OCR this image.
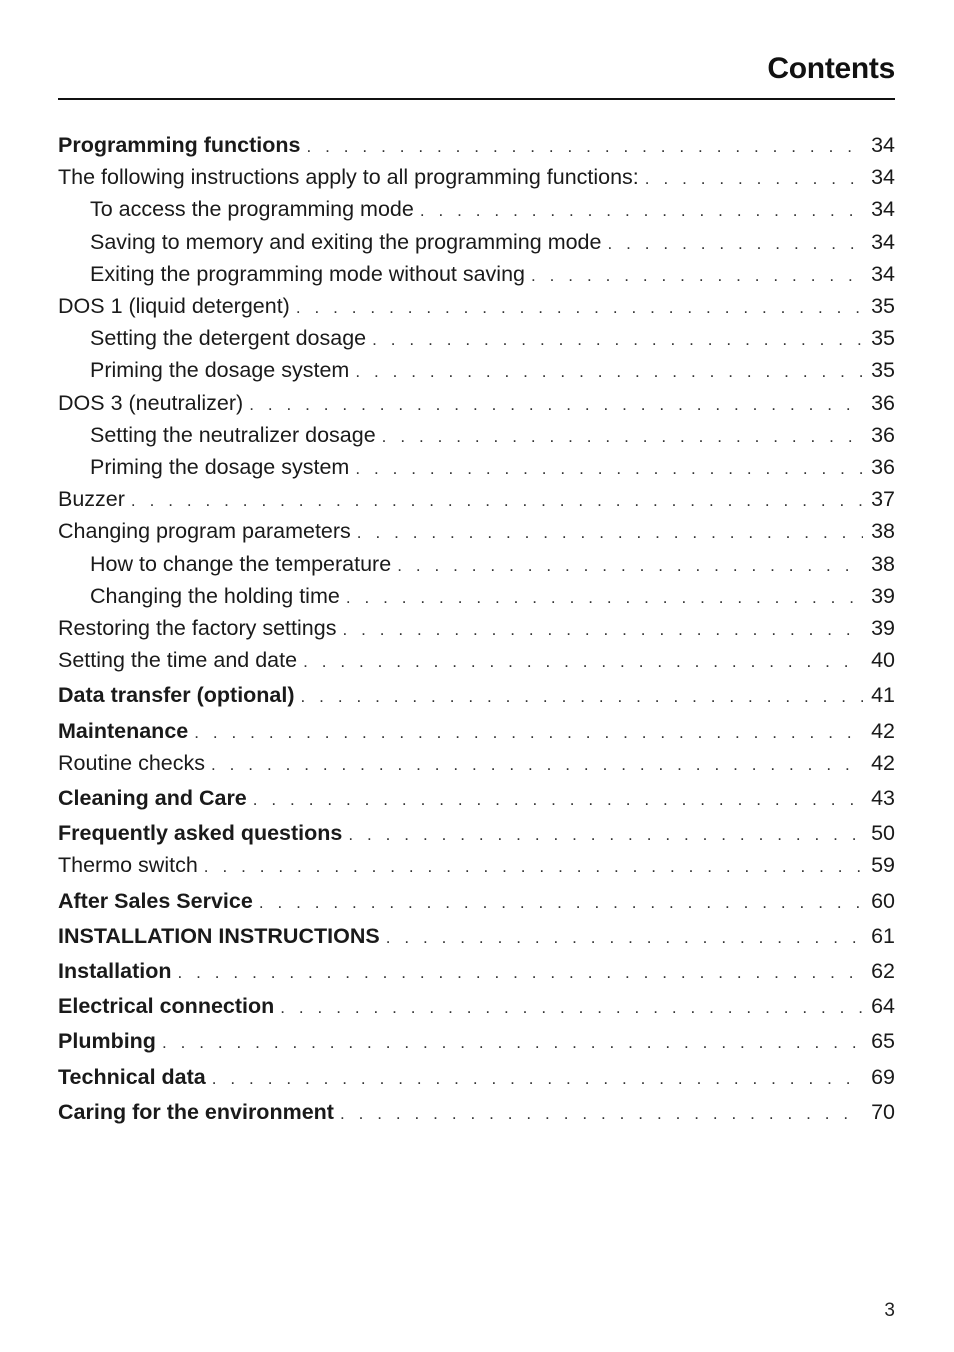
Contents
Programming functions . . .	34
The following instructions apply to all programming functions: . . .	34
To access the programming mode . . .	34
Saving to memory and exiting the programming mode . . .	34
Exiting the programming mode without saving . . .	34
DOS 1 (liquid detergent) . . .	35
Setting the detergent dosage . . .	35
Priming the dosage system . . .	35
DOS 3 (neutralizer) . . .	36
Setting the neutralizer dosage . . .	36
Priming the dosage system . . .	36
Buzzer . . .	37
Changing program parameters . . .	38
How to change the temperature . . .	38
Changing the holding time . . .	39
Restoring the factory settings . . .	39
Setting the time and date . . .	40
Data transfer (optional) . . .	41
Maintenance . . .	42
Routine checks . . .	42
Cleaning and Care . . .	43
Frequently asked questions . . .	50
Thermo switch . . .	59
After Sales Service . . .	60
INSTALLATION INSTRUCTIONS . . .	61
Installation . . .	62
Electrical connection . . .	64
Plumbing . . .	65
Technical data . . .	69
Caring for the environment . . .	70
3
